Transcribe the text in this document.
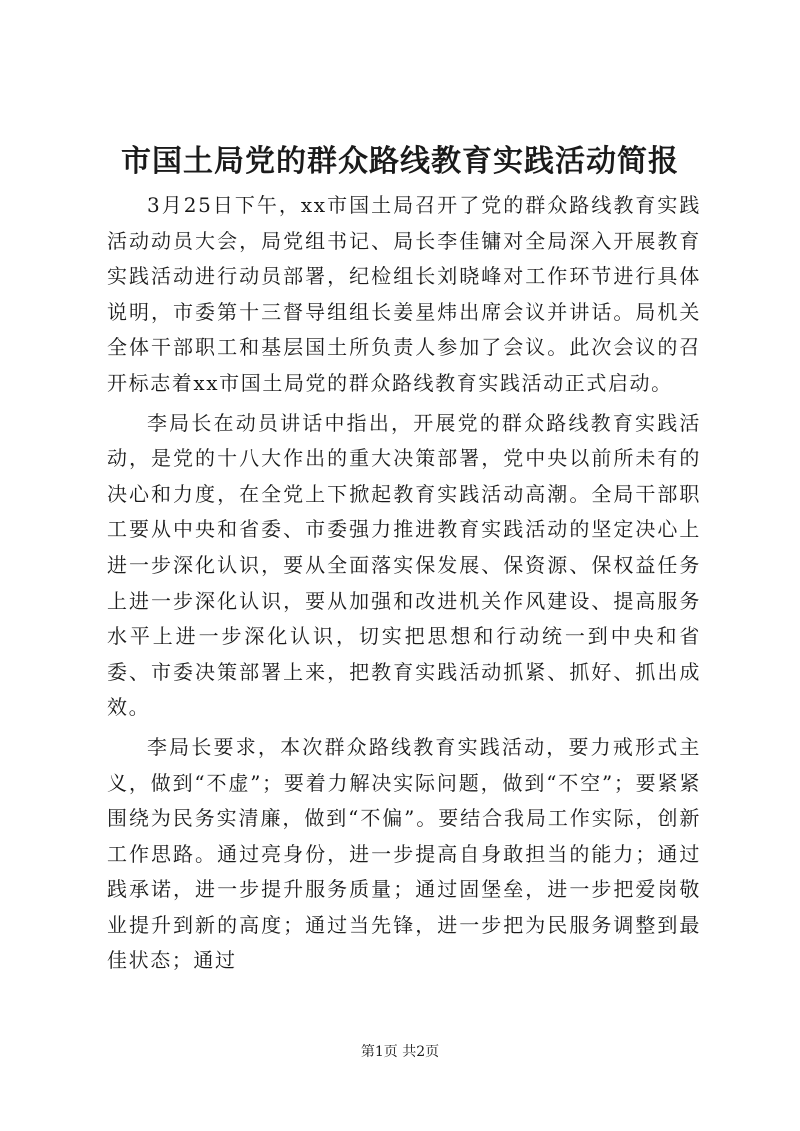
市国土局党的群众路线教育实践活动简报

3月25日下午，xx市国土局召开了党的群众路线教育实践活动动员大会，局党组书记、局长李佳镛对全局深入开展教育实践活动进行动员部署，纪检组长刘晓峰对工作环节进行具体说明，市委第十三督导组组长姜星炜出席会议并讲话。局机关全体干部职工和基层国土所负责人参加了会议。此次会议的召开标志着xx市国土局党的群众路线教育实践活动正式启动。

李局长在动员讲话中指出，开展党的群众路线教育实践活动，是党的十八大作出的重大决策部署，党中央以前所未有的决心和力度，在全党上下掀起教育实践活动高潮。全局干部职工要从中央和省委、市委强力推进教育实践活动的坚定决心上进一步深化认识，要从全面落实保发展、保资源、保权益任务上进一步深化认识，要从加强和改进机关作风建设、提高服务水平上进一步深化认识，切实把思想和行动统一到中央和省委、市委决策部署上来，把教育实践活动抓紧、抓好、抓出成效。

李局长要求，本次群众路线教育实践活动，要力戒形式主义，做到“不虚”；要着力解决实际问题，做到“不空”；要紧紧围绕为民务实清廉，做到“不偏”。要结合我局工作实际，创新工作思路。通过亮身份，进一步提高自身敢担当的能力；通过践承诺，进一步提升服务质量；通过固堡垒，进一步把爱岗敬业提升到新的高度；通过当先锋，进一步把为民服务调整到最佳状态；通过

第1页 共2页
